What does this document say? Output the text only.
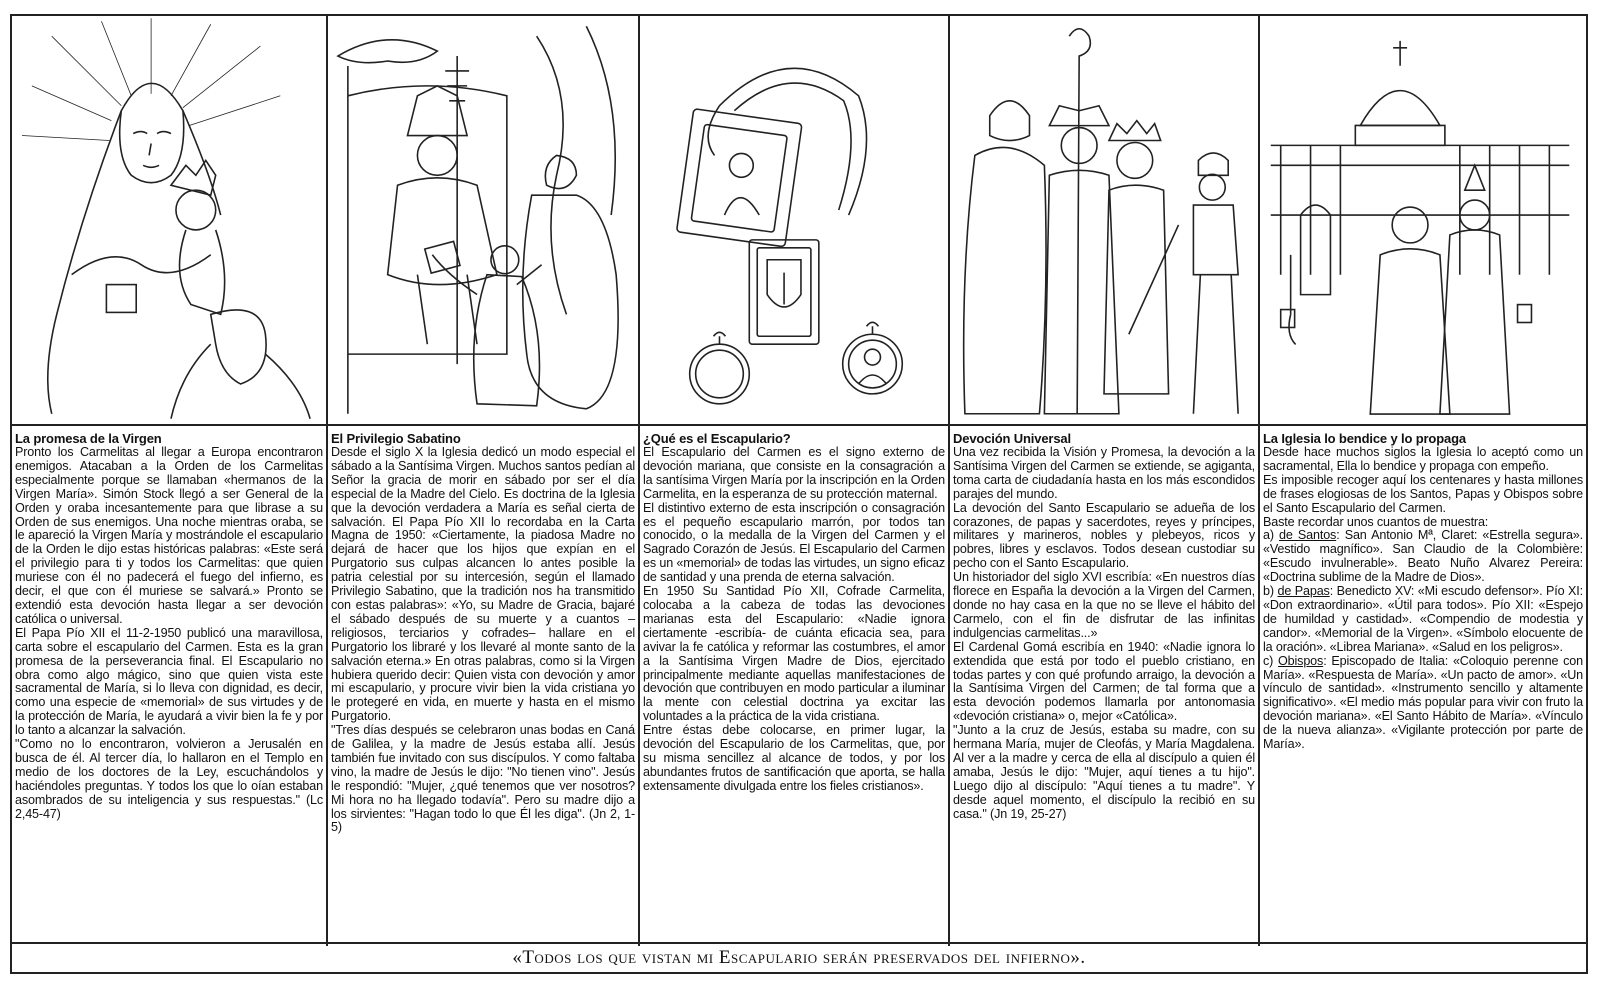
La promesa de la Virgen

Pronto los Carmelitas al llegar a Europa encontraron enemigos. Atacaban a la Orden de los Carmelitas especialmente porque se llamaban «hermanos de la Virgen María». Simón Stock llegó a ser General de la Orden y oraba incesantemente para que librase a su Orden de sus enemigos. Una noche mientras oraba, se le apareció la Virgen María y mostrándole el escapulario de la Orden le dijo estas históricas palabras: «Este será el privilegio para ti y todos los Carmelitas: que quien muriese con él no padecerá el fuego del infierno, es decir, el que con él muriese se salvará.» Pronto se extendió esta devoción hasta llegar a ser devoción católica o universal.

El Papa Pío XII el 11-2-1950 publicó una maravillosa, carta sobre el escapulario del Carmen. Esta es la gran promesa de la perseverancia final. El Escapulario no obra como algo mágico, sino que quien vista este sacramental de María, si lo lleva con dignidad, es decir, como una especie de «memorial» de sus virtudes y de la protección de María, le ayudará a vivir bien la fe y por lo tanto a alcanzar la salvación.

"Como no lo encontraron, volvieron a Jerusalén en busca de él. Al tercer día, lo hallaron en el Templo en medio de los doctores de la Ley, escuchándolos y haciéndoles preguntas. Y todos los que lo oían estaban asombrados de su inteligencia y sus respuestas." (Lc 2,45-47)

El Privilegio Sabatino

Desde el siglo X la Iglesia dedicó un modo especial el sábado a la Santísima Virgen. Muchos santos pedían al Señor la gracia de morir en sábado por ser el día especial de la Madre del Cielo. Es doctrina de la Iglesia que la devoción verdadera a María es señal cierta de salvación. El Papa Pío XII lo recordaba en la Carta Magna de 1950: «Ciertamente, la piadosa Madre no dejará de hacer que los hijos que expían en el Purgatorio sus culpas alcancen lo antes posible la patria celestial por su intercesión, según el llamado Privilegio Sabatino, que la tradición nos ha transmitido con estas palabras»: «Yo, su Madre de Gracia, bajaré el sábado después de su muerte y a cuantos –religiosos, terciarios y cofrades– hallare en el Purgatorio los libraré y los llevaré al monte santo de la salvación eterna.» En otras palabras, como si la Virgen hubiera querido decir: Quien vista con devoción y amor mi escapulario, y procure vivir bien la vida cristiana yo le protegeré en vida, en muerte y hasta en el mismo Purgatorio.

"Tres días después se celebraron unas bodas en Caná de Galilea, y la madre de Jesús estaba allí. Jesús también fue invitado con sus discípulos. Y como faltaba vino, la madre de Jesús le dijo: "No tienen vino". Jesús le respondió: "Mujer, ¿qué tenemos que ver nosotros? Mi hora no ha llegado todavía". Pero su madre dijo a los sirvientes: "Hagan todo lo que Él les diga". (Jn 2, 1-5)

¿Qué es el Escapulario?

El Escapulario del Carmen es el signo externo de devoción mariana, que consiste en la consagración a la santísima Virgen María por la inscripción en la Orden Carmelita, en la esperanza de su protección maternal.

El distintivo externo de esta inscripción o consagración es el pequeño escapulario marrón, por todos tan conocido, o la medalla de la Virgen del Carmen y el Sagrado Corazón de Jesús. El Escapulario del Carmen es un «memorial» de todas las virtudes, un signo eficaz de santidad y una prenda de eterna salvación.

En 1950 Su Santidad Pío XII, Cofrade Carmelita, colocaba a la cabeza de todas las devociones marianas esta del Escapulario: «Nadie ignora ciertamente -escribía- de cuánta eficacia sea, para avivar la fe católica y reformar las costumbres, el amor a la Santísima Virgen Madre de Dios, ejercitado principalmente mediante aquellas manifestaciones de devoción que contribuyen en modo particular a iluminar la mente con celestial doctrina ya excitar las voluntades a la práctica de la vida cristiana.

Entre éstas debe colocarse, en primer lugar, la devoción del Escapulario de los Carmelitas, que, por su misma sencillez al alcance de todos, y por los abundantes frutos de santificación que aporta, se halla extensamente divulgada entre los fieles cristianos».

Devoción Universal

Una vez recibida la Visión y Promesa, la devoción a la Santísima Virgen del Carmen se extiende, se agiganta, toma carta de ciudadanía hasta en los más escondidos parajes del mundo.

La devoción del Santo Escapulario se adueña de los corazones, de papas y sacerdotes, reyes y príncipes, militares y marineros, nobles y plebeyos, ricos y pobres, libres y esclavos. Todos desean custodiar su pecho con el Santo Escapulario.

Un historiador del siglo XVI escribía: «En nuestros días florece en España la devoción a la Virgen del Carmen, donde no hay casa en la que no se lleve el hábito del Carmelo, con el fin de disfrutar de las infinitas indulgencias carmelitas...»

El Cardenal Gomá escribía en 1940: «Nadie ignora lo extendida que está por todo el pueblo cristiano, en todas partes y con qué profundo arraigo, la devoción a la Santísima Virgen del Carmen; de tal forma que a esta devoción podemos llamarla por antonomasia «devoción cristiana» o, mejor «Católica».

"Junto a la cruz de Jesús, estaba su madre, con su hermana María, mujer de Cleofás, y María Magdalena. Al ver a la madre y cerca de ella al discípulo a quien él amaba, Jesús le dijo: "Mujer, aquí tienes a tu hijo". Luego dijo al discípulo: "Aquí tienes a tu madre". Y desde aquel momento, el discípulo la recibió en su casa." (Jn 19, 25-27)

La Iglesia lo bendice y lo propaga

Desde hace muchos siglos la Iglesia lo aceptó como un sacramental, Ella lo bendice y propaga con empeño.

Es imposible recoger aquí los centenares y hasta millones de frases elogiosas de los Santos, Papas y Obispos sobre el Santo Escapulario del Carmen.

Baste recordar unos cuantos de muestra:

a) de Santos: San Antonio Mª, Claret: «Estrella segura». «Vestido magnífico». San Claudio de la Colombière: «Escudo invulnerable». Beato Nuño Alvarez Pereira: «Doctrina sublime de la Madre de Dios».

b) de Papas: Benedicto XV: «Mi escudo defensor». Pío XI: «Don extraordinario». «Útil para todos». Pío XII: «Espejo de humildad y castidad». «Compendio de modestia y candor». «Memorial de la Virgen». «Símbolo elocuente de la oración». «Librea Mariana». «Salud en los peligros».

c) Obispos: Episcopado de Italia: «Coloquio perenne con María». «Respuesta de María». «Un pacto de amor». «Un vínculo de santidad». «Instrumento sencillo y altamente significativo». «El medio más popular para vivir con fruto la devoción mariana». «El Santo Hábito de María». «Vínculo de la nueva alianza». «Vigilante protección por parte de María».

«Todos los que vistan mi Escapulario serán preservados del infierno».
